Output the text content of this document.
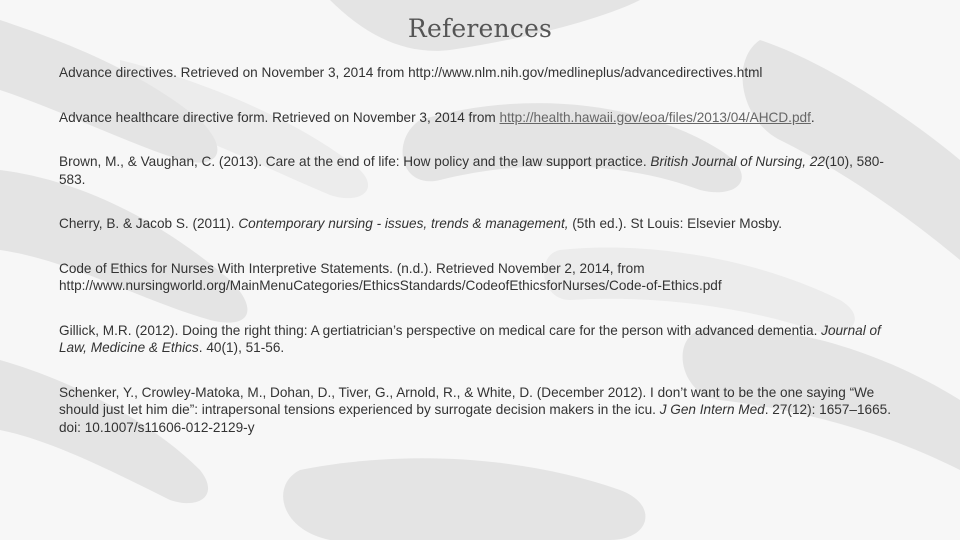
References

Advance directives. Retrieved on November 3, 2014 from http://www.nlm.nih.gov/medlineplus/advancedirectives.html

Advance healthcare directive form. Retrieved on November 3, 2014 from http://health.hawaii.gov/eoa/files/2013/04/AHCD.pdf.

Brown, M., & Vaughan, C. (2013). Care at the end of life: How policy and the law support practice. British Journal of Nursing, 22(10), 580-583.

Cherry, B. & Jacob S. (2011). Contemporary nursing - issues, trends & management, (5th ed.). St Louis: Elsevier Mosby.

Code of Ethics for Nurses With Interpretive Statements. (n.d.). Retrieved November 2, 2014, from
http://www.nursingworld.org/MainMenuCategories/EthicsStandards/CodeofEthicsforNurses/Code-of-Ethics.pdf

Gillick, M.R. (2012). Doing the right thing: A gertiatrician’s perspective on medical care for the person with advanced dementia. Journal of Law, Medicine & Ethics. 40(1), 51-56.

Schenker, Y., Crowley-Matoka, M., Dohan, D., Tiver, G., Arnold, R., & White, D. (December 2012). I don’t want to be the one saying “We should just let him die”: intrapersonal tensions experienced by surrogate decision makers in the icu. J Gen Intern Med. 27(12): 1657–1665. doi: 10.1007/s11606-012-2129-y
